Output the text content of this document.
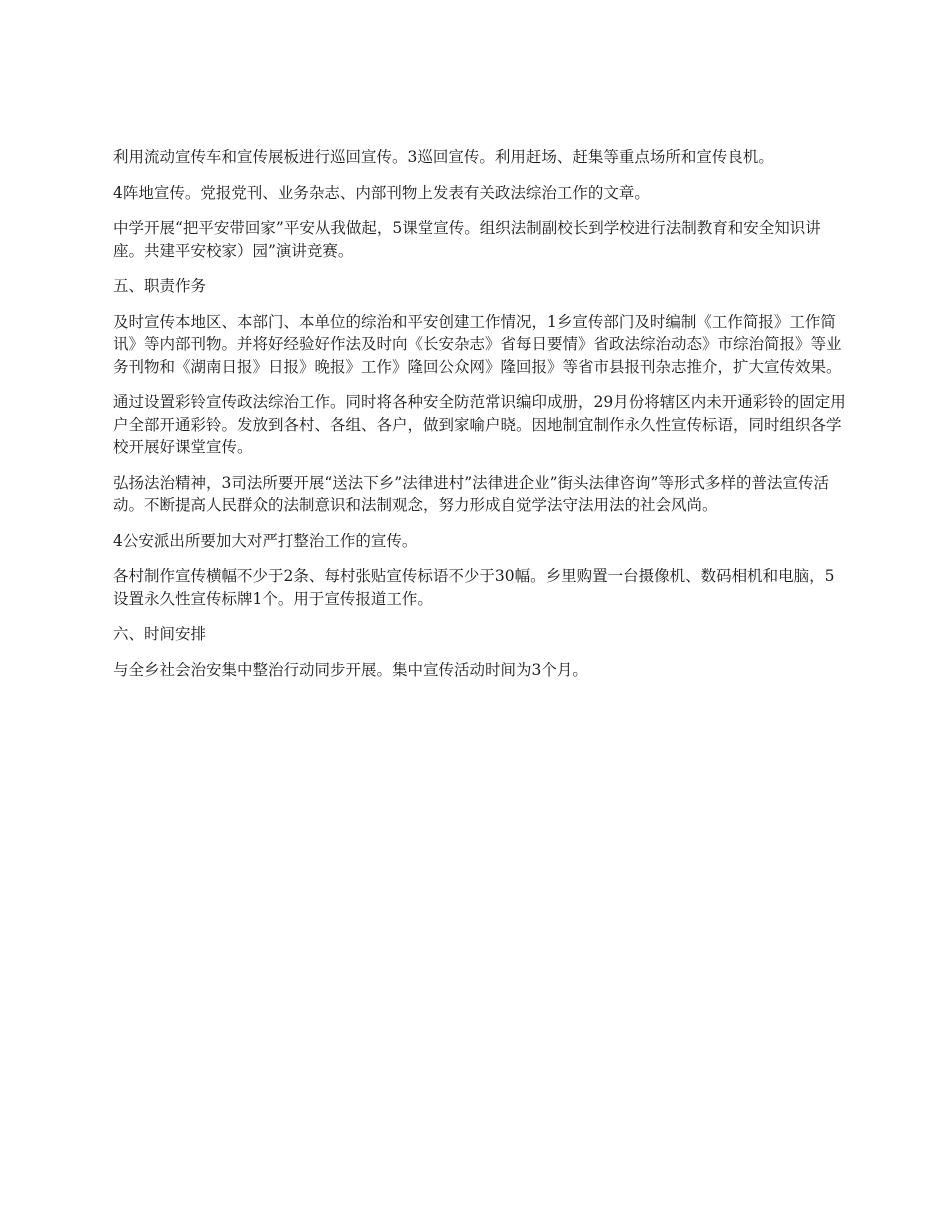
利用流动宣传车和宣传展板进行巡回宣传。3巡回宣传。利用赶场、赶集等重点场所和宣传良机。

4阵地宣传。党报党刊、业务杂志、内部刊物上发表有关政法综治工作的文章。

中学开展“把平安带回家”平安从我做起，5课堂宣传。组织法制副校长到学校进行法制教育和安全知识讲座。共建平安校家）园”演讲竞赛。

五、职责作务

及时宣传本地区、本部门、本单位的综治和平安创建工作情况，1乡宣传部门及时编制《工作简报》工作简讯》等内部刊物。并将好经验好作法及时向《长安杂志》省每日要情》省政法综治动态》市综治简报》等业务刊物和《湖南日报》日报》晚报》工作》隆回公众网》隆回报》等省市县报刊杂志推介，扩大宣传效果。

通过设置彩铃宣传政法综治工作。同时将各种安全防范常识编印成册，29月份将辖区内未开通彩铃的固定用户全部开通彩铃。发放到各村、各组、各户，做到家喻户晓。因地制宜制作永久性宣传标语，同时组织各学校开展好课堂宣传。

弘扬法治精神，3司法所要开展“送法下乡”法律进村”法律进企业”街头法律咨询”等形式多样的普法宣传活动。不断提高人民群众的法制意识和法制观念，努力形成自觉学法守法用法的社会风尚。

4公安派出所要加大对严打整治工作的宣传。

各村制作宣传横幅不少于2条、每村张贴宣传标语不少于30幅。乡里购置一台摄像机、数码相机和电脑，5设置永久性宣传标牌1个。用于宣传报道工作。

六、时间安排

与全乡社会治安集中整治行动同步开展。集中宣传活动时间为3个月。
